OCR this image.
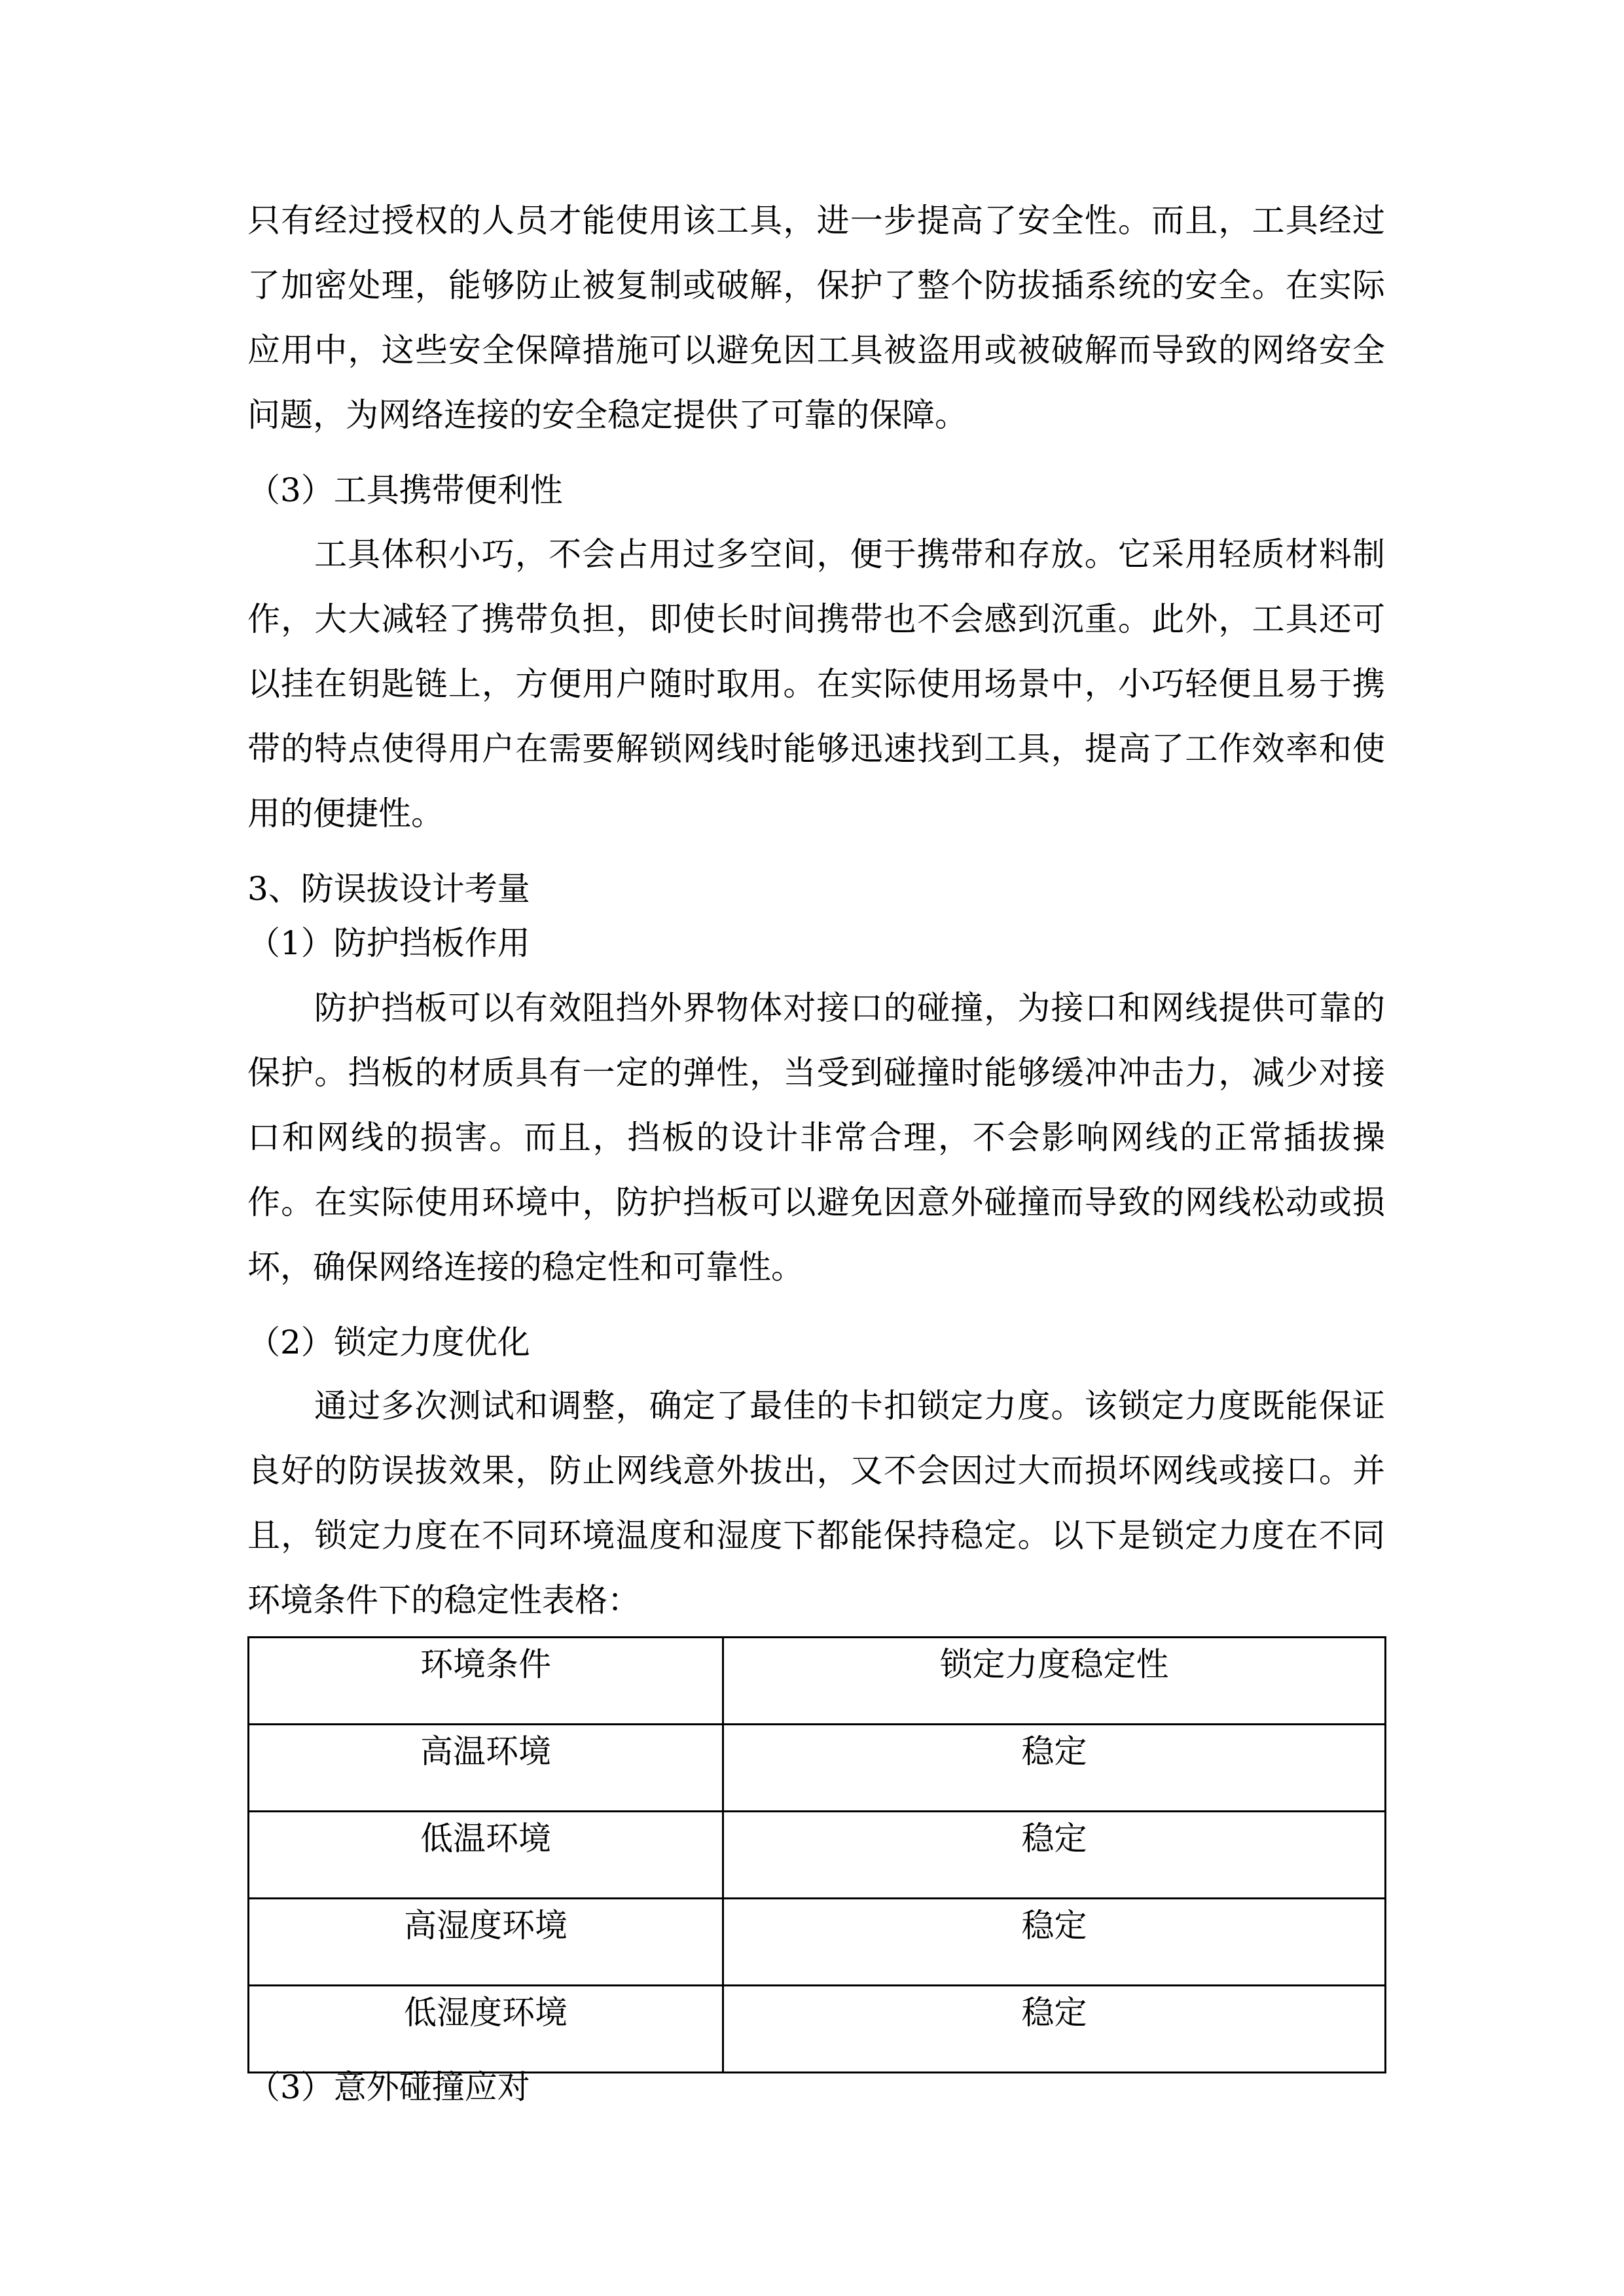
只有经过授权的人员才能使用该工具，进一步提高了安全性。而且，工具经过
了加密处理，能够防止被复制或破解，保护了整个防拔插系统的安全。在实际
应用中，这些安全保障措施可以避免因工具被盗用或被破解而导致的网络安全
问题，为网络连接的安全稳定提供了可靠的保障。
（3）工具携带便利性
工具体积小巧，不会占用过多空间，便于携带和存放。它采用轻质材料制
作，大大减轻了携带负担，即使长时间携带也不会感到沉重。此外，工具还可
以挂在钥匙链上，方便用户随时取用。在实际使用场景中，小巧轻便且易于携
带的特点使得用户在需要解锁网线时能够迅速找到工具，提高了工作效率和使
用的便捷性。
3、防误拔设计考量
（1）防护挡板作用
防护挡板可以有效阻挡外界物体对接口的碰撞，为接口和网线提供可靠的
保护。挡板的材质具有一定的弹性，当受到碰撞时能够缓冲冲击力，减少对接
口和网线的损害。而且，挡板的设计非常合理，不会影响网线的正常插拔操
作。在实际使用环境中，防护挡板可以避免因意外碰撞而导致的网线松动或损
坏，确保网络连接的稳定性和可靠性。
（2）锁定力度优化
通过多次测试和调整，确定了最佳的卡扣锁定力度。该锁定力度既能保证
良好的防误拔效果，防止网线意外拔出，又不会因过大而损坏网线或接口。并
且，锁定力度在不同环境温度和湿度下都能保持稳定。以下是锁定力度在不同
环境条件下的稳定性表格：
环境条件	锁定力度稳定性
高温环境	稳定
低温环境	稳定
高湿度环境	稳定
低湿度环境	稳定
（3）意外碰撞应对
